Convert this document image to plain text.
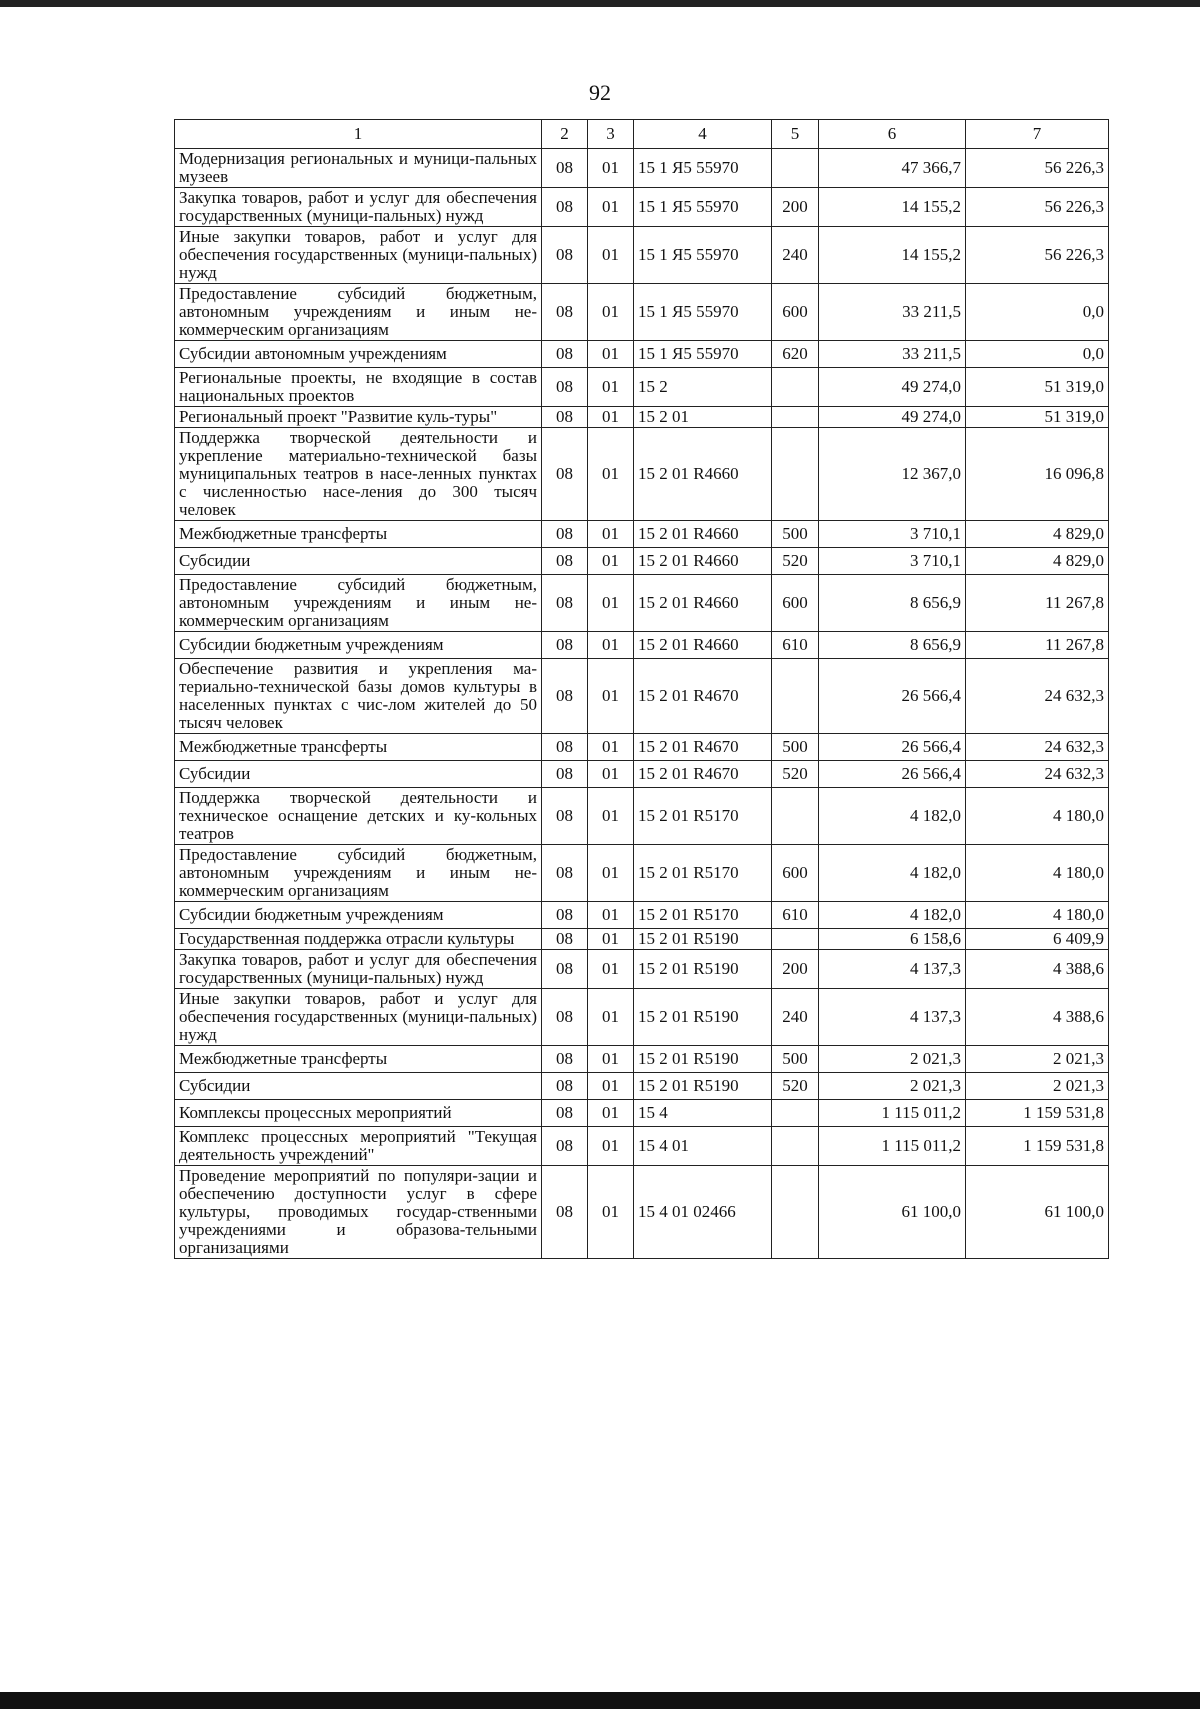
92
1	2	3	4	5	6	7
Модернизация региональных и муници-пальных музеев	08	01	15 1 Я5 55970		47 366,7	56 226,3
Закупка товаров, работ и услуг для обеспечения государственных (муници-пальных) нужд	08	01	15 1 Я5 55970	200	14 155,2	56 226,3
Иные закупки товаров, работ и услуг для обеспечения государственных (муници-пальных) нужд	08	01	15 1 Я5 55970	240	14 155,2	56 226,3
Предоставление субсидий бюджетным, автономным учреждениям и иным не-коммерческим организациям	08	01	15 1 Я5 55970	600	33 211,5	0,0
Субсидии автономным учреждениям	08	01	15 1 Я5 55970	620	33 211,5	0,0
Региональные проекты, не входящие в состав национальных проектов	08	01	15 2		49 274,0	51 319,0
Региональный проект "Развитие куль-туры"	08	01	15 2 01		49 274,0	51 319,0
Поддержка творческой деятельности и укрепление материально-технической базы муниципальных театров в насе-ленных пунктах с численностью насе-ления до 300 тысяч человек	08	01	15 2 01 R4660		12 367,0	16 096,8
Межбюджетные трансферты	08	01	15 2 01 R4660	500	3 710,1	4 829,0
Субсидии	08	01	15 2 01 R4660	520	3 710,1	4 829,0
Предоставление субсидий бюджетным, автономным учреждениям и иным не-коммерческим организациям	08	01	15 2 01 R4660	600	8 656,9	11 267,8
Субсидии бюджетным учреждениям	08	01	15 2 01 R4660	610	8 656,9	11 267,8
Обеспечение развития и укрепления ма-териально-технической базы домов культуры в населенных пунктах с чис-лом жителей до 50 тысяч человек	08	01	15 2 01 R4670		26 566,4	24 632,3
Межбюджетные трансферты	08	01	15 2 01 R4670	500	26 566,4	24 632,3
Субсидии	08	01	15 2 01 R4670	520	26 566,4	24 632,3
Поддержка творческой деятельности и техническое оснащение детских и ку-кольных театров	08	01	15 2 01 R5170		4 182,0	4 180,0
Предоставление субсидий бюджетным, автономным учреждениям и иным не-коммерческим организациям	08	01	15 2 01 R5170	600	4 182,0	4 180,0
Субсидии бюджетным учреждениям	08	01	15 2 01 R5170	610	4 182,0	4 180,0
Государственная поддержка отрасли культуры	08	01	15 2 01 R5190		6 158,6	6 409,9
Закупка товаров, работ и услуг для обеспечения государственных (муници-пальных) нужд	08	01	15 2 01 R5190	200	4 137,3	4 388,6
Иные закупки товаров, работ и услуг для обеспечения государственных (муници-пальных) нужд	08	01	15 2 01 R5190	240	4 137,3	4 388,6
Межбюджетные трансферты	08	01	15 2 01 R5190	500	2 021,3	2 021,3
Субсидии	08	01	15 2 01 R5190	520	2 021,3	2 021,3
Комплексы процессных мероприятий	08	01	15 4		1 115 011,2	1 159 531,8
Комплекс процессных мероприятий "Текущая деятельность учреждений"	08	01	15 4 01		1 115 011,2	1 159 531,8
Проведение мероприятий по популяри-зации и обеспечению доступности услуг в сфере культуры, проводимых государ-ственными учреждениями и образова-тельными организациями	08	01	15 4 01 02466		61 100,0	61 100,0
